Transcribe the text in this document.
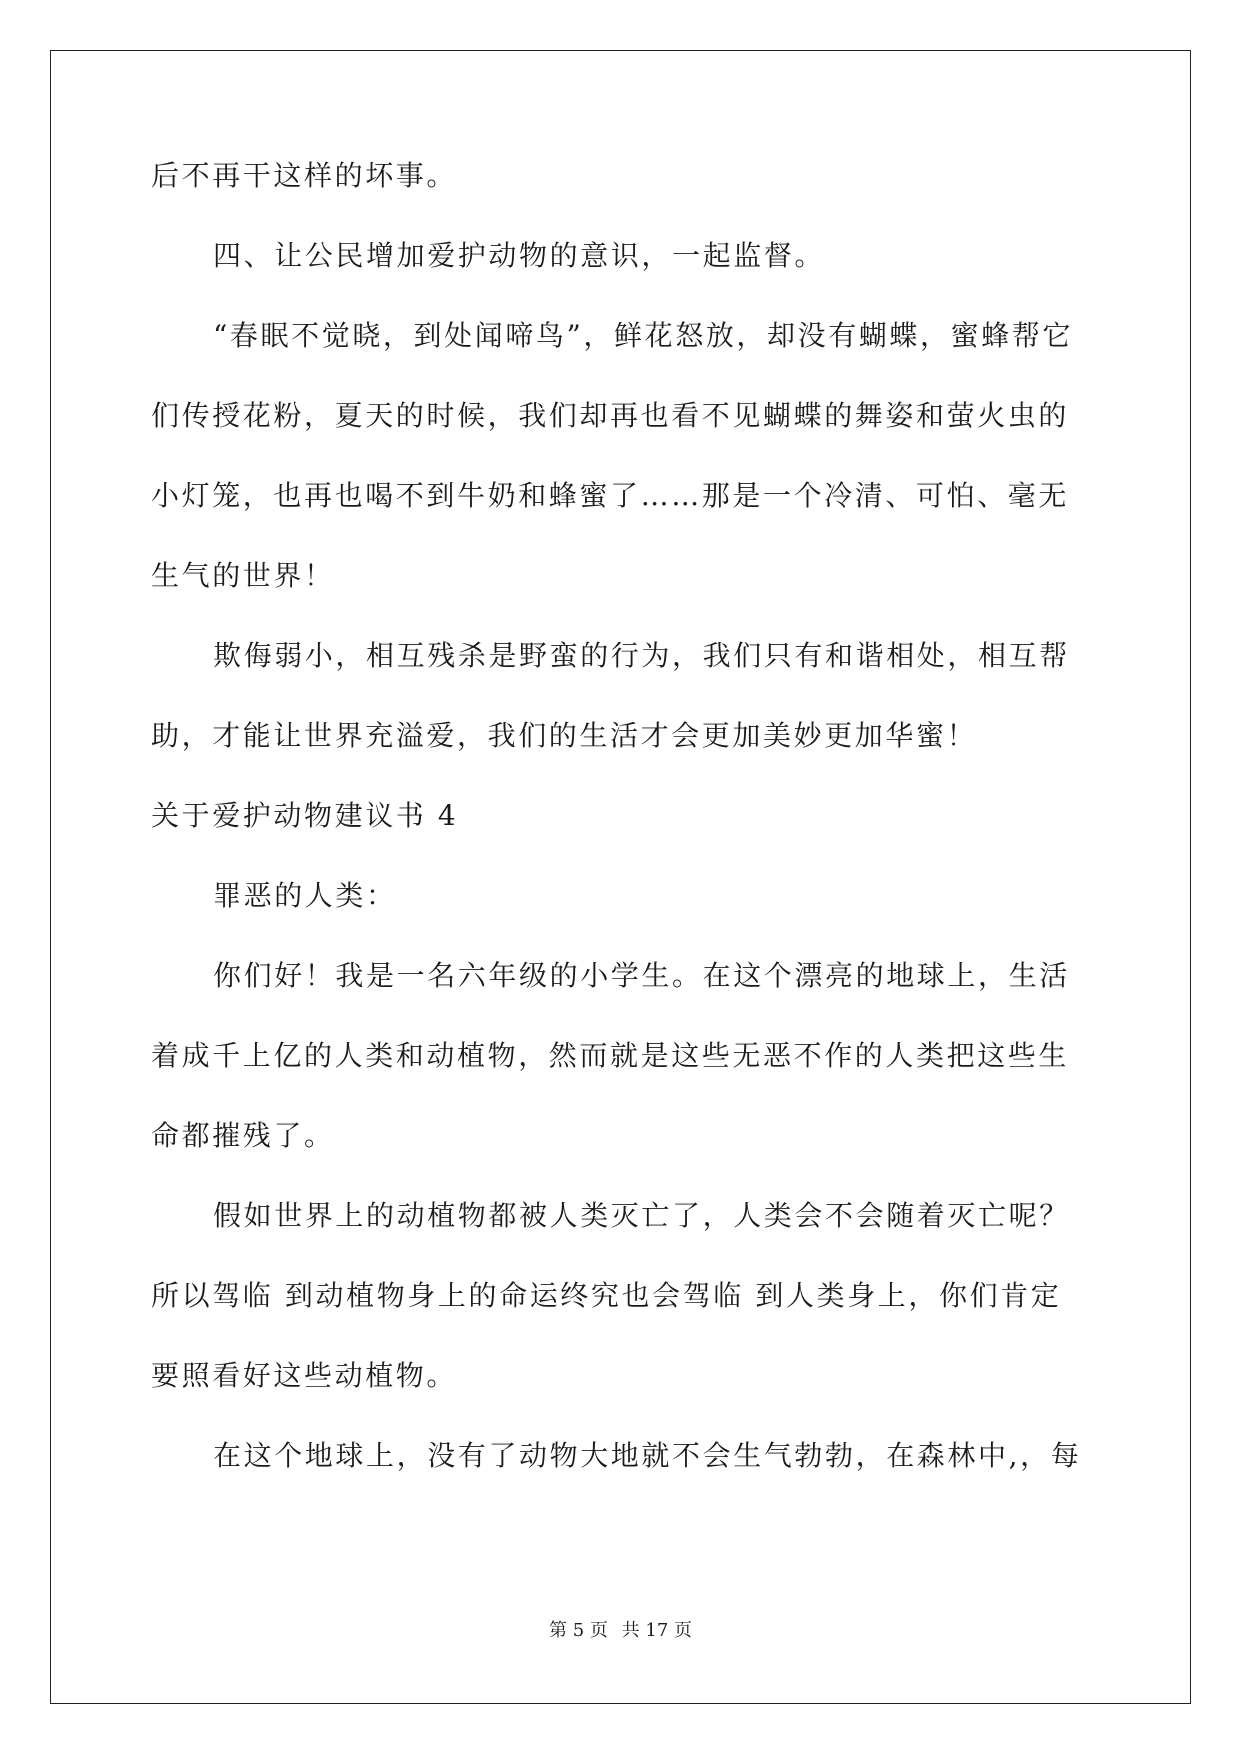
后不再干这样的坏事。
四、让公民增加爱护动物的意识，一起监督。
“春眠不觉晓，到处闻啼鸟”，鲜花怒放，却没有蝴蝶，蜜蜂帮它
们传授花粉，夏天的时候，我们却再也看不见蝴蝶的舞姿和萤火虫的
小灯笼，也再也喝不到牛奶和蜂蜜了……那是一个冷清、可怕、毫无
生气的世界！
欺侮弱小，相互残杀是野蛮的行为，我们只有和谐相处，相互帮
助，才能让世界充溢爱，我们的生活才会更加美妙更加华蜜！
关于爱护动物建议书 4
罪恶的人类：
你们好！我是一名六年级的小学生。在这个漂亮的地球上，生活
着成千上亿的人类和动植物，然而就是这些无恶不作的人类把这些生
命都摧残了。
假如世界上的动植物都被人类灭亡了，人类会不会随着灭亡呢？
所以驾临 到动植物身上的命运终究也会驾临 到人类身上，你们肯定
要照看好这些动植物。
在这个地球上，没有了动物大地就不会生气勃勃，在森林中,，每
第 5 页 共 17 页
